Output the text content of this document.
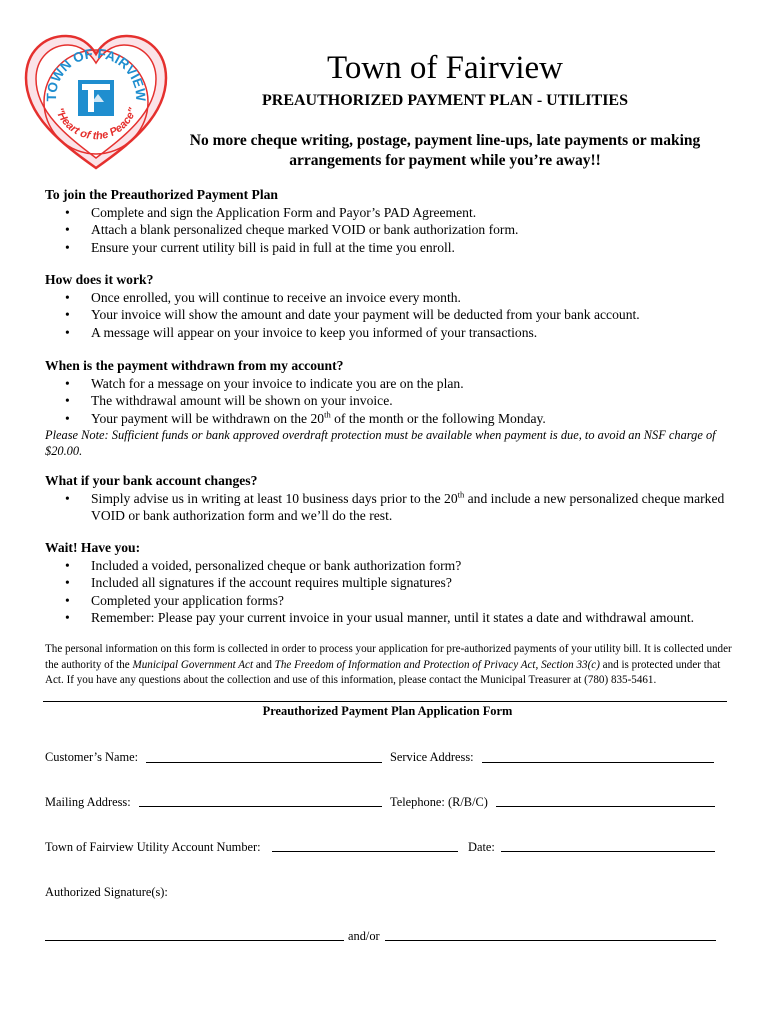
TOWN OF FAIRVIEW
"Heart of the Peace"
Town of Fairview
PREAUTHORIZED PAYMENT PLAN - UTILITIES
No more cheque writing, postage, payment line-ups, late payments or making arrangements for payment while you’re away!!
To join the Preauthorized Payment Plan
• Complete and sign the Application Form and Payor’s PAD Agreement.
• Attach a blank personalized cheque marked VOID or bank authorization form.
• Ensure your current utility bill is paid in full at the time you enroll.
How does it work?
• Once enrolled, you will continue to receive an invoice every month.
• Your invoice will show the amount and date your payment will be deducted from your bank account.
• A message will appear on your invoice to keep you informed of your transactions.
When is the payment withdrawn from my account?
• Watch for a message on your invoice to indicate you are on the plan.
• The withdrawal amount will be shown on your invoice.
• Your payment will be withdrawn on the 20th of the month or the following Monday.
Please Note: Sufficient funds or bank approved overdraft protection must be available when payment is due, to avoid an NSF charge of $20.00.
What if your bank account changes?
• Simply advise us in writing at least 10 business days prior to the 20th and include a new personalized cheque marked VOID or bank authorization form and we’ll do the rest.
Wait! Have you:
• Included a voided, personalized cheque or bank authorization form?
• Included all signatures if the account requires multiple signatures?
• Completed your application forms?
• Remember: Please pay your current invoice in your usual manner, until it states a date and withdrawal amount.
The personal information on this form is collected in order to process your application for pre-authorized payments of your utility bill. It is collected under the authority of the Municipal Government Act and The Freedom of Information and Protection of Privacy Act, Section 33(c) and is protected under that Act. If you have any questions about the collection and use of this information, please contact the Municipal Treasurer at (780) 835-5461.
Preauthorized Payment Plan Application Form
Customer’s Name:	Service Address:
Mailing Address:	Telephone: (R/B/C)
Town of Fairview Utility Account Number:	Date:
Authorized Signature(s):
and/or
